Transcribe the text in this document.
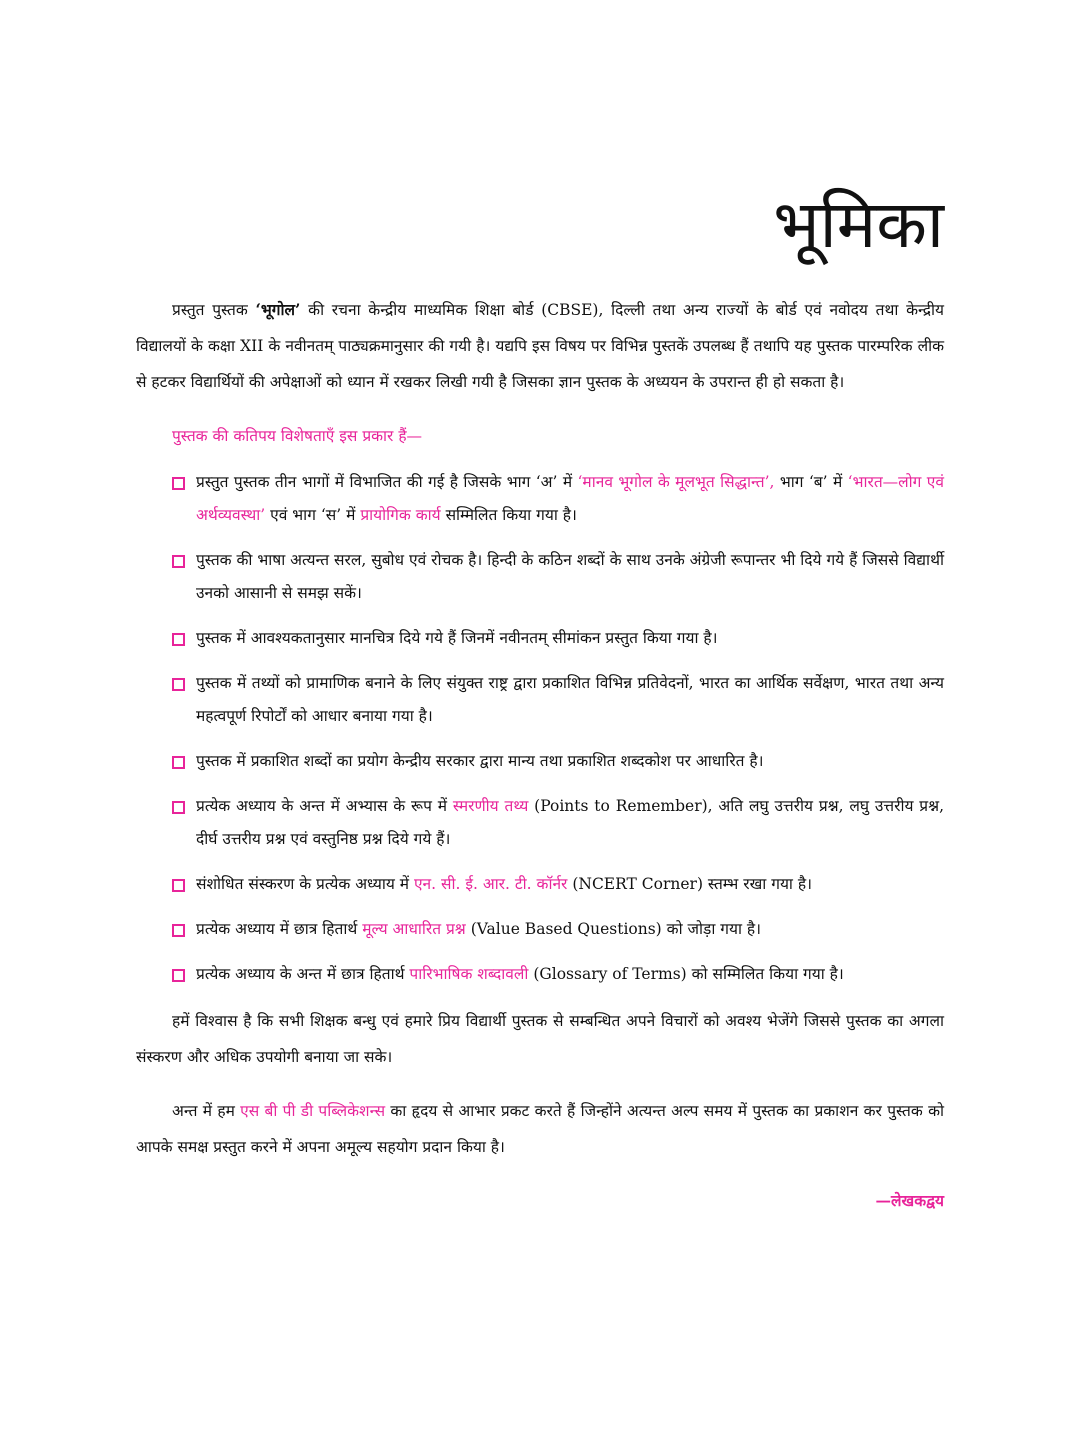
भूमिका

प्रस्तुत पुस्तक ‘भूगोल’ की रचना केन्द्रीय माध्यमिक शिक्षा बोर्ड (CBSE), दिल्ली तथा अन्य राज्यों के बोर्ड एवं नवोदय तथा केन्द्रीय विद्यालयों के कक्षा XII के नवीनतम् पाठ्यक्रमानुसार की गयी है। यद्यपि इस विषय पर विभिन्न पुस्तकें उपलब्ध हैं तथापि यह पुस्तक पारम्परिक लीक से हटकर विद्यार्थियों की अपेक्षाओं को ध्यान में रखकर लिखी गयी है जिसका ज्ञान पुस्तक के अध्ययन के उपरान्त ही हो सकता है।

पुस्तक की कतिपय विशेषताएँ इस प्रकार हैं—

प्रस्तुत पुस्तक तीन भागों में विभाजित की गई है जिसके भाग ‘अ’ में ‘मानव भूगोल के मूलभूत सिद्धान्त’, भाग ‘ब’ में ‘भारत—लोग एवं अर्थव्यवस्था’ एवं भाग ‘स’ में प्रायोगिक कार्य सम्मिलित किया गया है।
पुस्तक की भाषा अत्यन्त सरल, सुबोध एवं रोचक है। हिन्दी के कठिन शब्दों के साथ उनके अंग्रेजी रूपान्तर भी दिये गये हैं जिससे विद्यार्थी उनको आसानी से समझ सकें।
पुस्तक में आवश्यकतानुसार मानचित्र दिये गये हैं जिनमें नवीनतम् सीमांकन प्रस्तुत किया गया है।
पुस्तक में तथ्यों को प्रामाणिक बनाने के लिए संयुक्त राष्ट्र द्वारा प्रकाशित विभिन्न प्रतिवेदनों, भारत का आर्थिक सर्वेक्षण, भारत तथा अन्य महत्वपूर्ण रिपोर्टों को आधार बनाया गया है।
पुस्तक में प्रकाशित शब्दों का प्रयोग केन्द्रीय सरकार द्वारा मान्य तथा प्रकाशित शब्दकोश पर आधारित है।
प्रत्येक अध्याय के अन्त में अभ्यास के रूप में स्मरणीय तथ्य (Points to Remember), अति लघु उत्तरीय प्रश्न, लघु उत्तरीय प्रश्न, दीर्घ उत्तरीय प्रश्न एवं वस्तुनिष्ठ प्रश्न दिये गये हैं।
संशोधित संस्करण के प्रत्येक अध्याय में एन. सी. ई. आर. टी. कॉर्नर (NCERT Corner) स्तम्भ रखा गया है।
प्रत्येक अध्याय में छात्र हितार्थ मूल्य आधारित प्रश्न (Value Based Questions) को जोड़ा गया है।
प्रत्येक अध्याय के अन्त में छात्र हितार्थ पारिभाषिक शब्दावली (Glossary of Terms) को सम्मिलित किया गया है।

हमें विश्वास है कि सभी शिक्षक बन्धु एवं हमारे प्रिय विद्यार्थी पुस्तक से सम्बन्धित अपने विचारों को अवश्य भेजेंगे जिससे पुस्तक का अगला संस्करण और अधिक उपयोगी बनाया जा सके।

अन्त में हम एस बी पी डी पब्लिकेशन्स का हृदय से आभार प्रकट करते हैं जिन्होंने अत्यन्त अल्प समय में पुस्तक का प्रकाशन कर पुस्तक को आपके समक्ष प्रस्तुत करने में अपना अमूल्य सहयोग प्रदान किया है।

—लेखकद्वय
